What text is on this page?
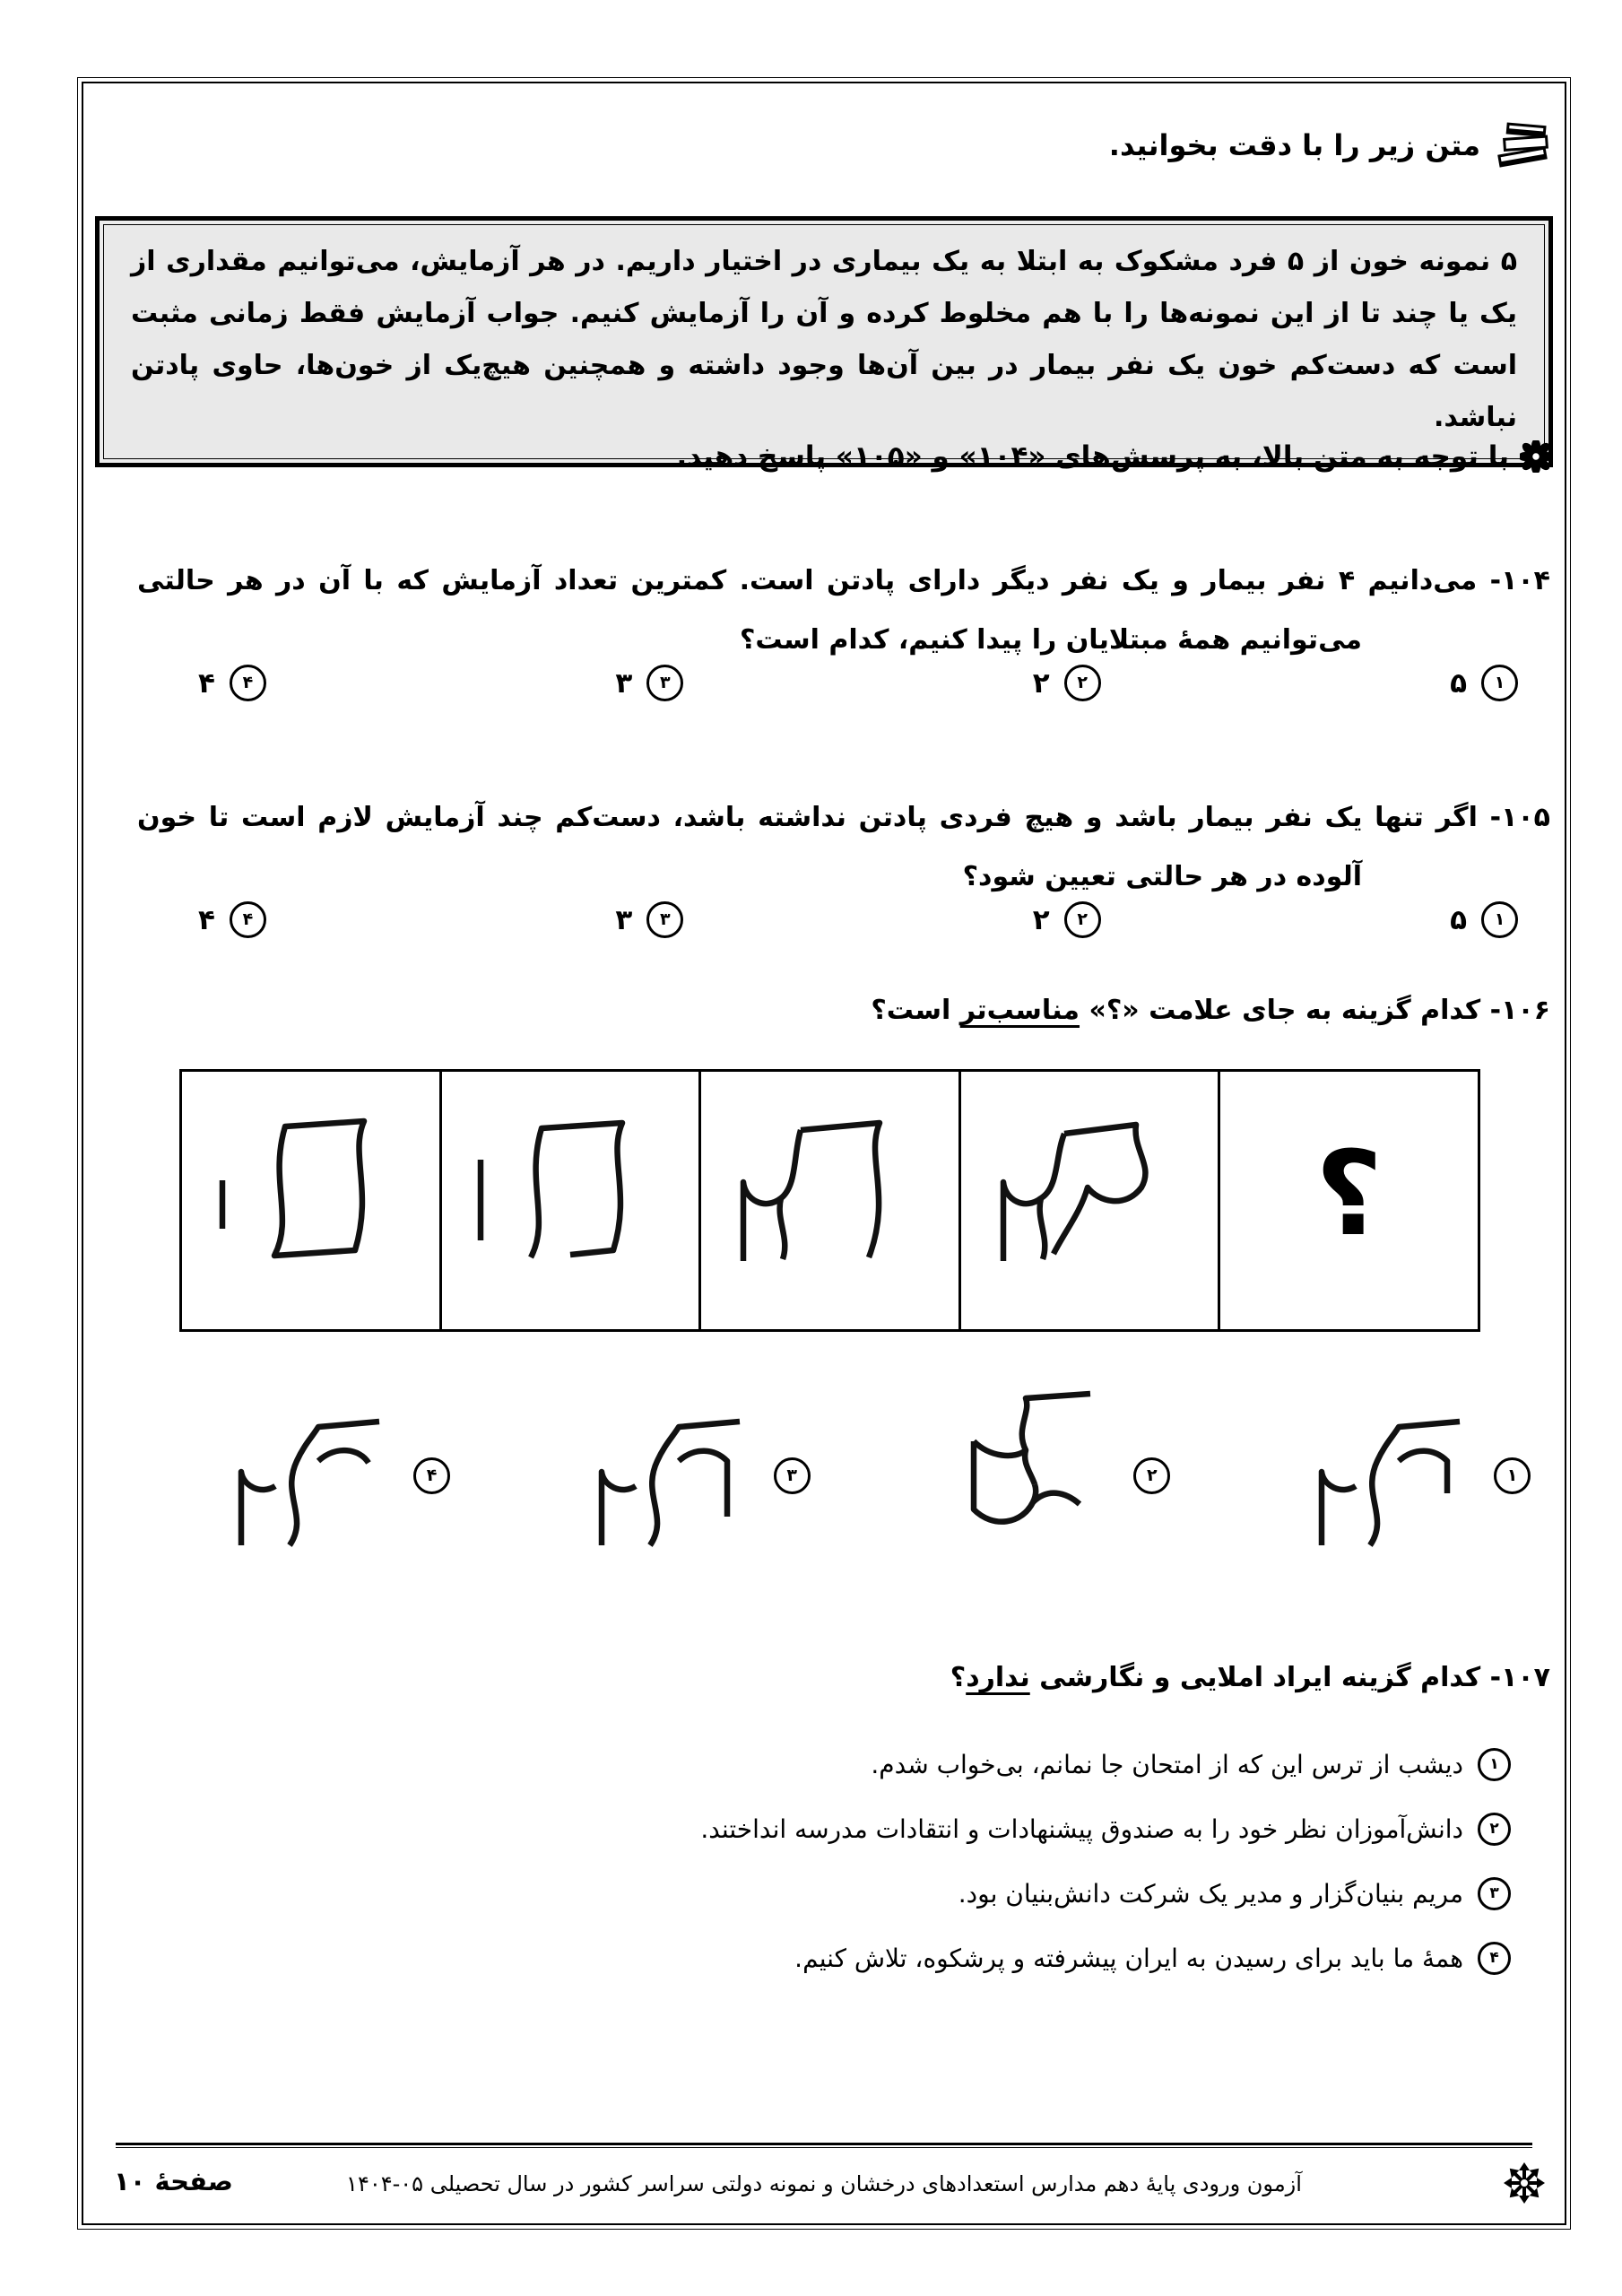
متن زیر را با دقت بخوانید.

۵ نمونه خون از ۵ فرد مشکوک به ابتلا به یک بیماری در اختیار داریم. در هر آزمایش، می‌توانیم مقداری از یک یا چند تا از این نمونه‌ها را با هم مخلوط کرده و آن را آزمایش کنیم. جواب آزمایش فقط زمانی مثبت است که دست‌کم خون یک نفر بیمار در بین آن‌ها وجود داشته و همچنین هیچ‌یک از خون‌ها، حاوی پادتن نباشد.

با توجه به متن بالا، به پرسش‌های «۱۰۴» و «۱۰۵» پاسخ دهید.

۱۰۴- می‌دانیم ۴ نفر بیمار و یک نفر دیگر دارای پادتن است. کمترین تعداد آزمایش که با آن در هر حالتی می‌توانیم همهٔ مبتلایان را پیدا کنیم، کدام است؟

۱
۵
۲
۲
۳
۳
۴
۴

۱۰۵- اگر تنها یک نفر بیمار باشد و هیچ فردی پادتن نداشته باشد، دست‌کم چند آزمایش لازم است تا خون آلوده در هر حالتی تعیین شود؟

۱
۵
۲
۲
۳
۳
۴
۴
۱۰۶- کدام گزینه به جای علامت «؟» مناسب‌تر است؟
؟
۱
۲
۳
۴
۱۰۷- کدام گزینه ایراد املایی و نگارشی ندارد؟
۱
دیشب از ترس این که از امتحان جا نمانم، بی‌خواب شدم.
۲
دانش‌آموزان نظر خود را به صندوق پیشنهادات و انتقادات مدرسه انداختند.
۳
مریم بنیان‌گزار و مدیر یک شرکت دانش‌بنیان بود.
۴
همهٔ ما باید برای رسیدن به ایران پیشرفته و پرشکوه، تلاش کنیم.
آزمون ورودی پایهٔ دهم مدارس استعدادهای درخشان و نمونه دولتی سراسر کشور در سال تحصیلی ۰۵-۱۴۰۴
صفحهٔ ۱۰
